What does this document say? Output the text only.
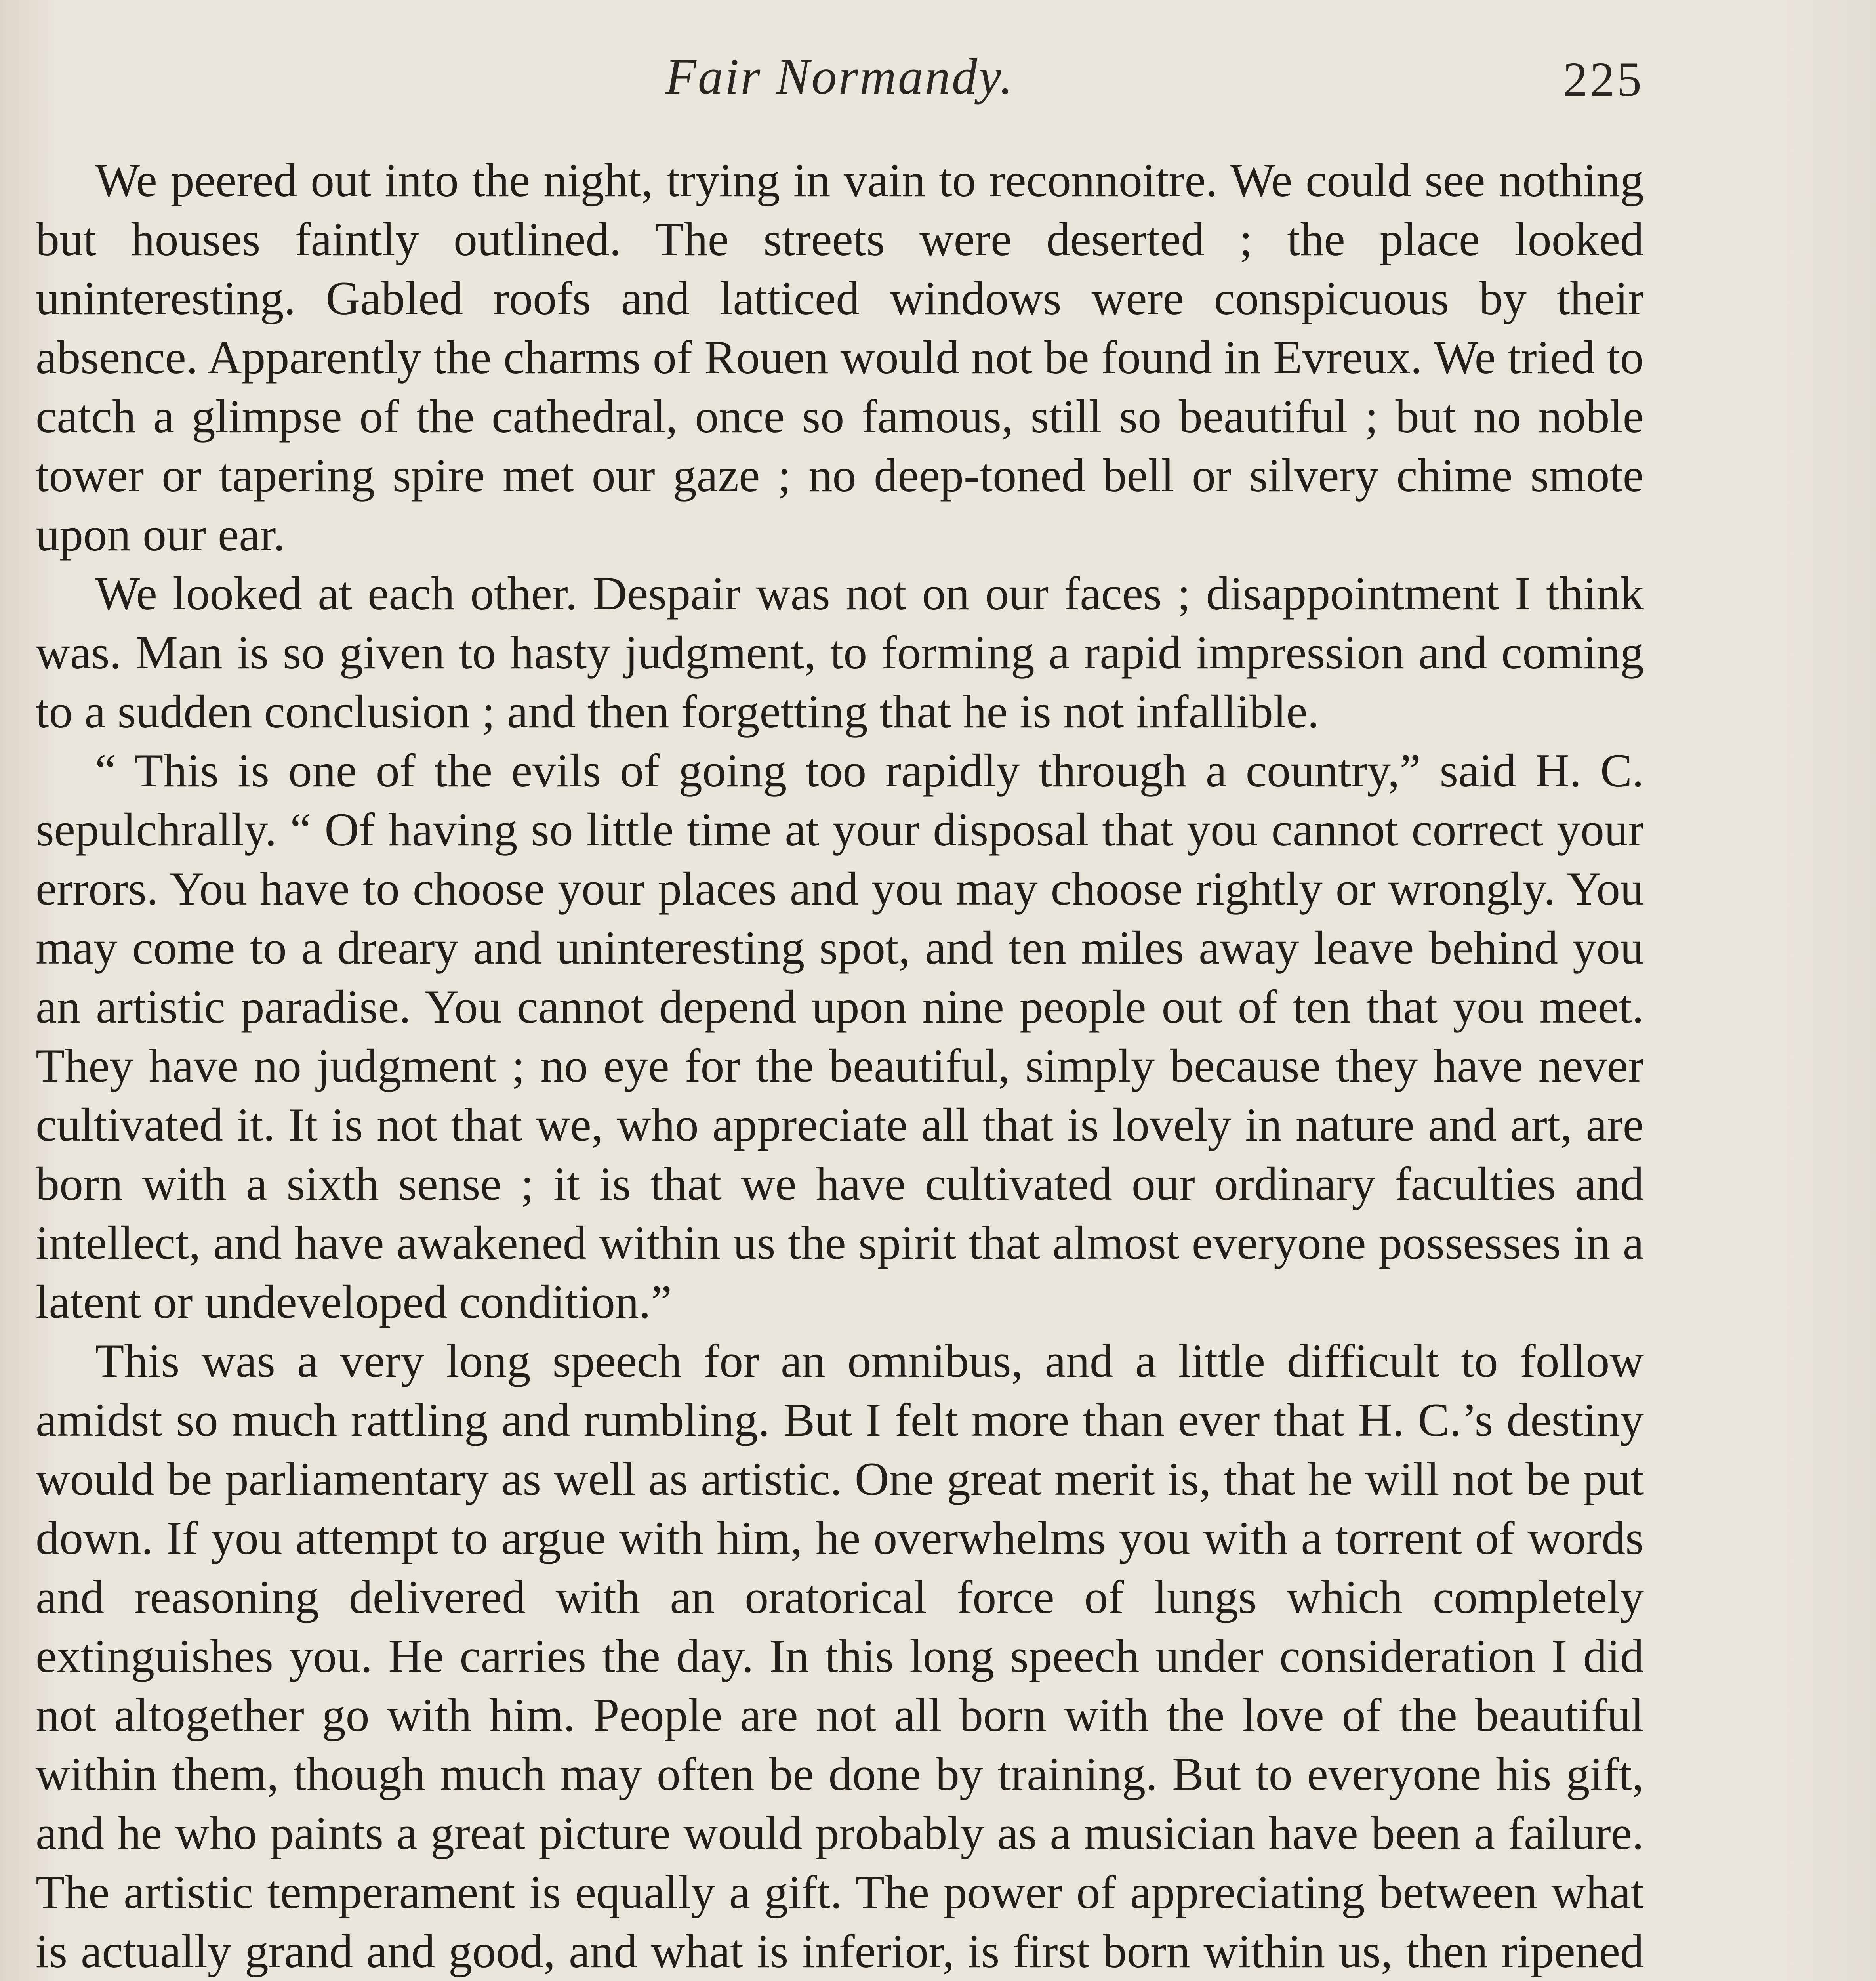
Fair Normandy.	225

We peered out into the night, trying in vain to reconnoitre. We could see nothing but houses faintly outlined. The streets were deserted ; the place looked uninteresting. Gabled roofs and latticed windows were conspicuous by their absence. Apparently the charms of Rouen would not be found in Evreux. We tried to catch a glimpse of the cathedral, once so famous, still so beautiful ; but no noble tower or tapering spire met our gaze ; no deep-toned bell or silvery chime smote upon our ear.

We looked at each other. Despair was not on our faces ; disappointment I think was. Man is so given to hasty judgment, to forming a rapid impression and coming to a sudden conclusion ; and then forgetting that he is not infallible.

“ This is one of the evils of going too rapidly through a country,” said H. C. sepulchrally. “ Of having so little time at your disposal that you cannot correct your errors. You have to choose your places and you may choose rightly or wrongly. You may come to a dreary and uninteresting spot, and ten miles away leave behind you an artistic paradise. You cannot depend upon nine people out of ten that you meet. They have no judgment ; no eye for the beautiful, simply because they have never cultivated it. It is not that we, who appreciate all that is lovely in nature and art, are born with a sixth sense ; it is that we have cultivated our ordinary faculties and intellect, and have awakened within us the spirit that almost everyone possesses in a latent or undeveloped condition.”

This was a very long speech for an omnibus, and a little difficult to follow amidst so much rattling and rumbling. But I felt more than ever that H. C.’s destiny would be parliamentary as well as artistic. One great merit is, that he will not be put down. If you attempt to argue with him, he overwhelms you with a torrent of words and reasoning delivered with an oratorical force of lungs which completely extinguishes you. He carries the day. In this long speech under consideration I did not altogether go with him. People are not all born with the love of the beautiful within them, though much may often be done by training. But to everyone his gift, and he who paints a great picture would probably as a musician have been a failure. The artistic temperament is equally a gift. The power of appreciating between what is actually grand and good, and what is inferior, is first born within us, then ripened
